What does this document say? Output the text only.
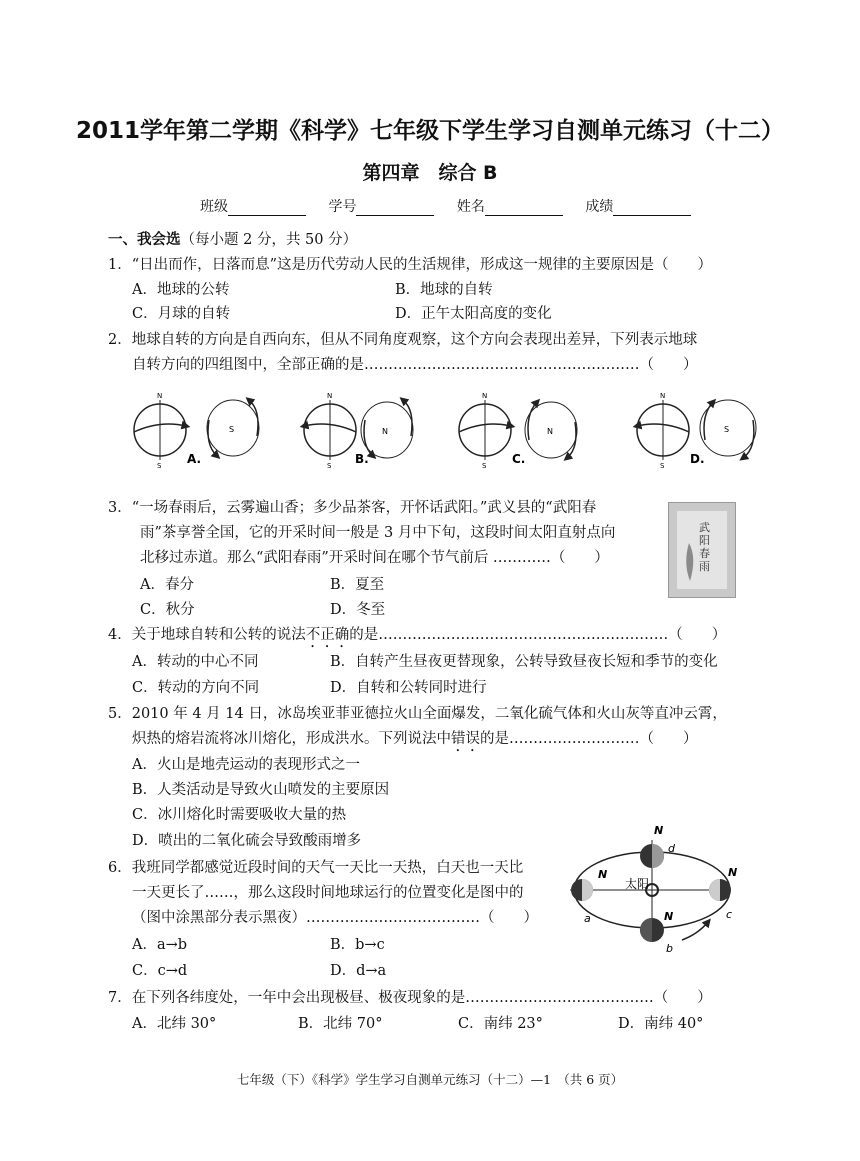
2011学年第二学期《科学》七年级下学生学习自测单元练习（十二）
第四章　综合 B
班级	学号	姓名	成绩
一、我会选（每小题 2 分，共 50 分）
1．“日出而作，日落而息”这是历代劳动人民的生活规律，形成这一规律的主要原因是（　　）
A．地球的公转	B．地球的自转
C．月球的自转	D．正午太阳高度的变化
2．地球自转的方向是自西向东，但从不同角度观察，这个方向会表现出差异，下列表示地球
自转方向的四组图中，全部正确的是…………………………………………………（　　）
N
S
S
A.
N
S
N
B.
N
S
N
C.
N
S
S
D.
3．“一场春雨后，云雾遍山香；多少品茶客，开怀话武阳。”武义县的“武阳春
雨”茶享誉全国，它的开采时间一般是 3 月中下旬，这段时间太阳直射点向
北移过赤道。那么“武阳春雨”开采时间在哪个节气前后 …………（　　）
A．春分	B．夏至
C．秋分	D．冬至
武阳春雨
4．关于地球自转和公转的说法不正确的是……………………………………………………（　　）
A．转动的中心不同	B．自转产生昼夜更替现象，公转导致昼夜长短和季节的变化
C．转动的方向不同	D．自转和公转同时进行
5．2010 年 4 月 14 日，冰岛埃亚菲亚德拉火山全面爆发，二氧化硫气体和火山灰等直冲云霄，
炽热的熔岩流将冰川熔化，形成洪水。下列说法中错误的是………………………（　　）
A．火山是地壳运动的表现形式之一
B．人类活动是导致火山喷发的主要原因
C．冰川熔化时需要吸收大量的热
D．喷出的二氧化硫会导致酸雨增多
6．我班同学都感觉近段时间的天气一天比一天热，白天也一天比
一天更长了……，那么这段时间地球运行的位置变化是图中的
（图中涂黑部分表示黑夜）………………………………（　　）
A．a→b	B．b→c
C．c→d	D．d→a
太阳
N
d
N
a
N
c
N
b
7．在下列各纬度处，一年中会出现极昼、极夜现象的是…………………………………（　　）
A．北纬 30°	B．北纬 70°	C．南纬 23°	D．南纬 40°
七年级（下）《科学》学生学习自测单元练习（十二）—1　（共 6 页）
